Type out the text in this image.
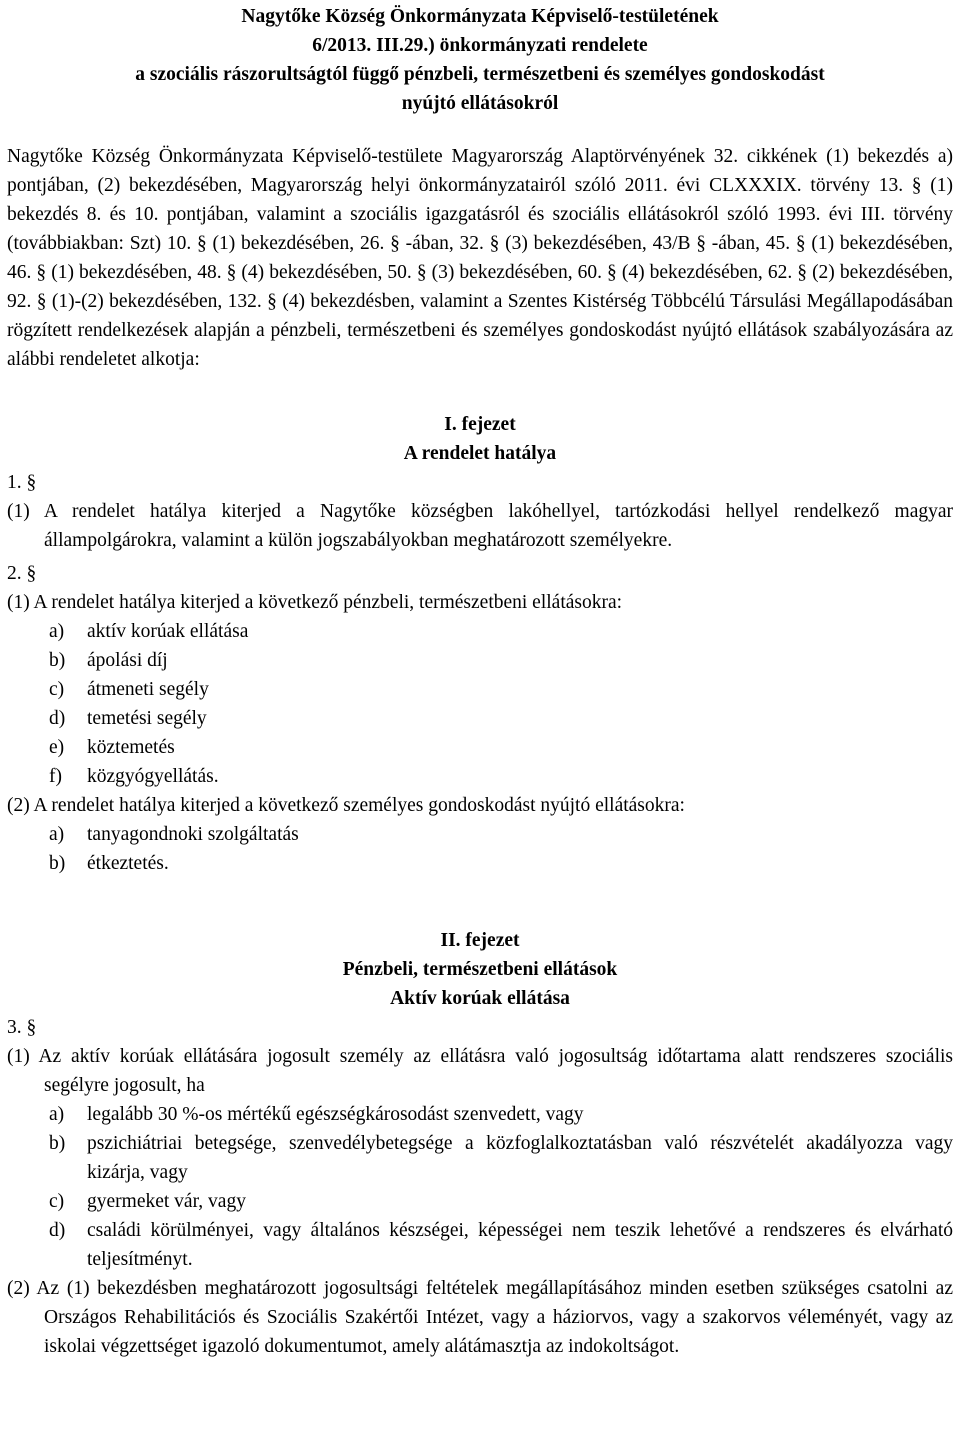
Nagytőke Község Önkormányzata Képviselő-testületének
6/2013. III.29.) önkormányzati rendelete
a szociális rászorultságtól függő pénzbeli, természetbeni és személyes gondoskodást
nyújtó ellátásokról
Nagytőke Község Önkormányzata Képviselő-testülete Magyarország Alaptörvényének 32. cikkének (1) bekezdés a) pontjában, (2) bekezdésében, Magyarország helyi önkormányzatairól szóló 2011. évi CLXXXIX. törvény 13. § (1) bekezdés 8. és 10. pontjában, valamint a szociális igazgatásról és szociális ellátásokról szóló 1993. évi III. törvény (továbbiakban: Szt) 10. § (1) bekezdésében, 26. § -ában, 32. § (3) bekezdésében, 43/B § -ában, 45. § (1) bekezdésében, 46. § (1) bekezdésében, 48. § (4) bekezdésében, 50. § (3) bekezdésében, 60. § (4) bekezdésében, 62. § (2) bekezdésében, 92. § (1)-(2) bekezdésében, 132. § (4) bekezdésben, valamint a Szentes Kistérség Többcélú Társulási Megállapodásában rögzített rendelkezések alapján a pénzbeli, természetbeni és személyes gondoskodást nyújtó ellátások szabályozására az alábbi rendeletet alkotja:
I. fejezet
A rendelet hatálya
1. §
(1) A rendelet hatálya kiterjed a Nagytőke községben lakóhellyel, tartózkodási hellyel rendelkező magyar állampolgárokra, valamint a külön jogszabályokban meghatározott személyekre.
2. §
(1) A rendelet hatálya kiterjed a következő pénzbeli, természetbeni ellátásokra:
a) aktív korúak ellátása
b) ápolási díj
c) átmeneti segély
d) temetési segély
e) köztemetés
f) közgyógyellátás.
(2) A rendelet hatálya kiterjed a következő személyes gondoskodást nyújtó ellátásokra:
a) tanyagondnoki szolgáltatás
b) étkeztetés.
II. fejezet
Pénzbeli, természetbeni ellátások
Aktív korúak ellátása
3. §
(1) Az aktív korúak ellátására jogosult személy az ellátásra való jogosultság időtartama alatt rendszeres szociális segélyre jogosult, ha
a) legalább 30 %-os mértékű egészségkárosodást szenvedett, vagy
b) pszichiátriai betegsége, szenvedélybetegsége a közfoglalkoztatásban való részvételét akadályozza vagy kizárja, vagy
c) gyermeket vár, vagy
d) családi körülményei, vagy általános készségei, képességei nem teszik lehetővé a rendszeres és elvárható teljesítményt.
(2) Az (1) bekezdésben meghatározott jogosultsági feltételek megállapításához minden esetben szükséges csatolni az Országos Rehabilitációs és Szociális Szakértői Intézet, vagy a háziorvos, vagy a szakorvos véleményét, vagy az iskolai végzettséget igazoló dokumentumot, amely alátámasztja az indokoltságot.
